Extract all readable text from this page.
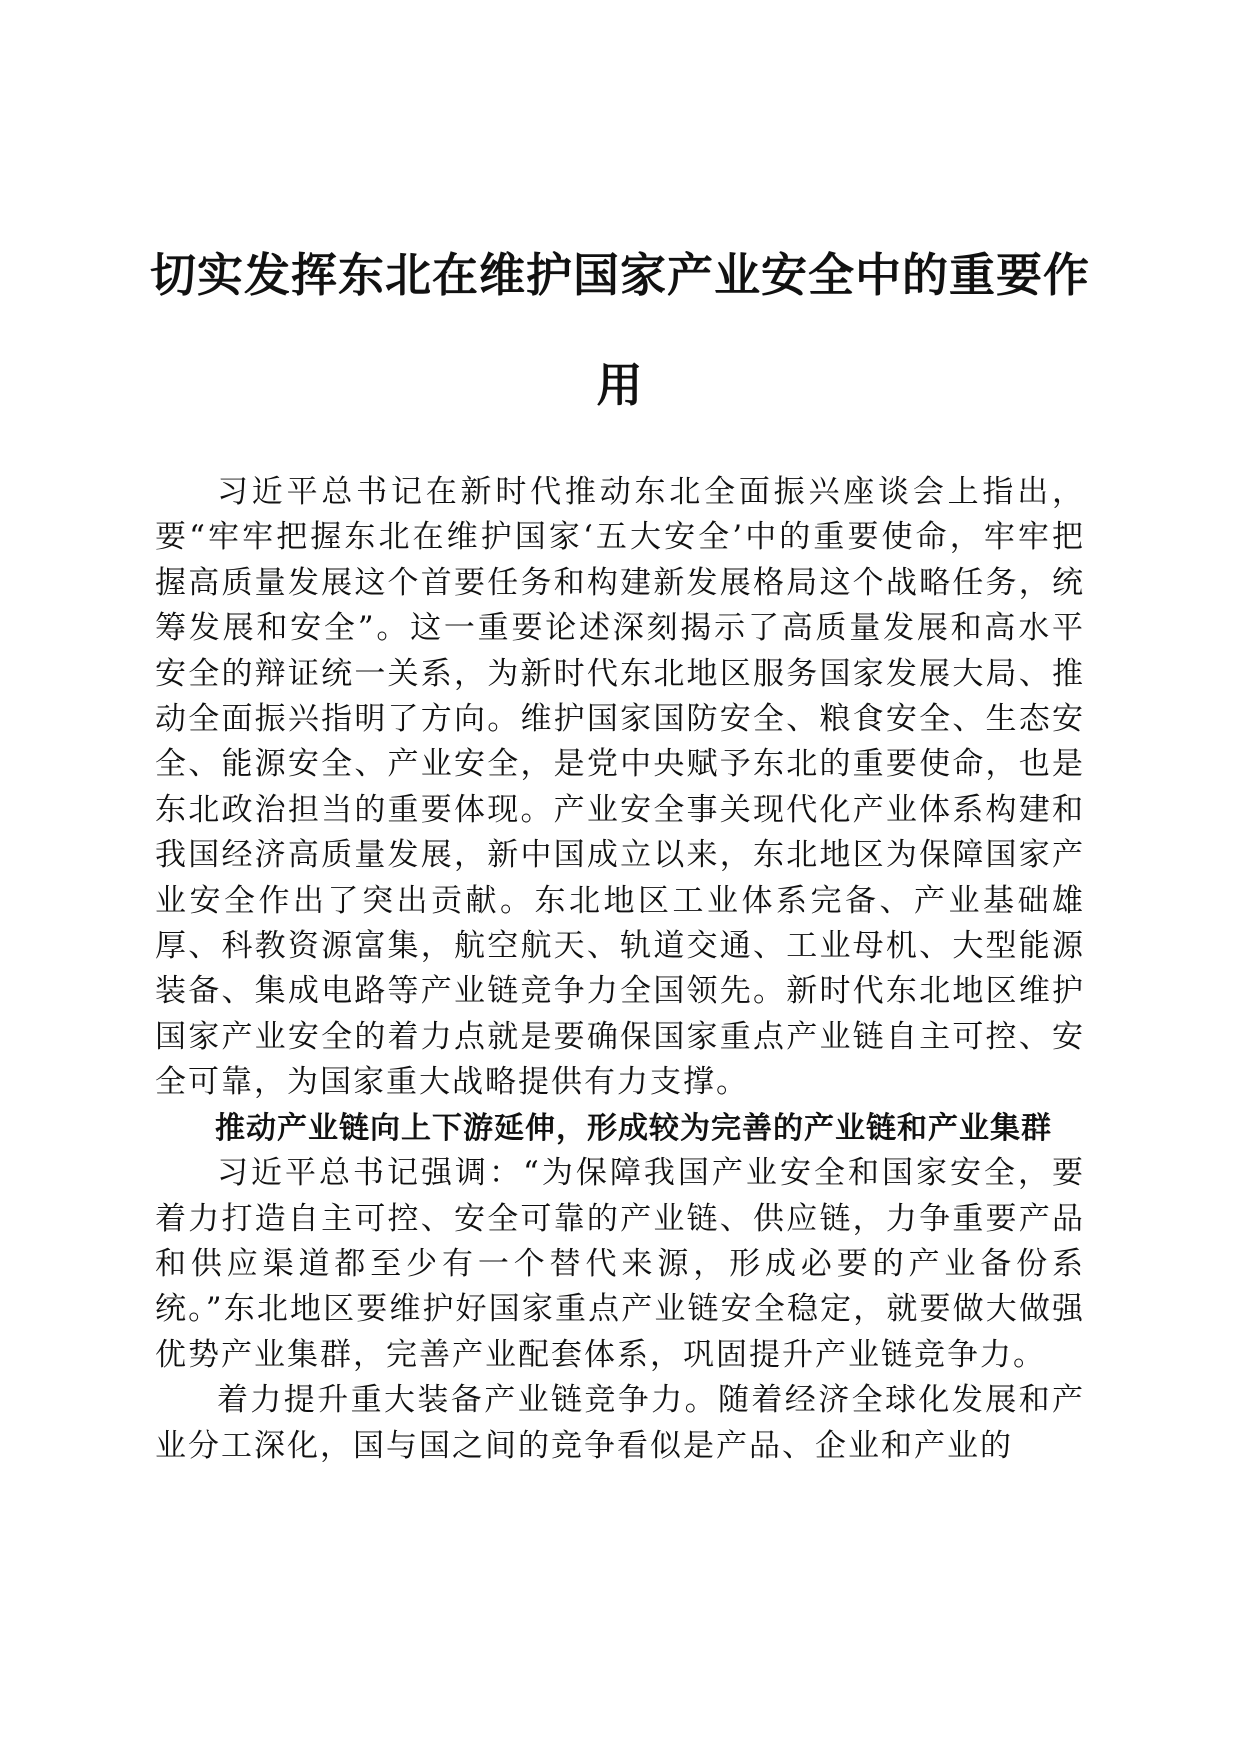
切实发挥东北在维护国家产业安全中的重要作用

习近平总书记在新时代推动东北全面振兴座谈会上指出，要“牢牢把握东北在维护国家‘五大安全’中的重要使命，牢牢把握高质量发展这个首要任务和构建新发展格局这个战略任务，统筹发展和安全”。这一重要论述深刻揭示了高质量发展和高水平安全的辩证统一关系，为新时代东北地区服务国家发展大局、推动全面振兴指明了方向。维护国家国防安全、粮食安全、生态安全、能源安全、产业安全，是党中央赋予东北的重要使命，也是东北政治担当的重要体现。产业安全事关现代化产业体系构建和我国经济高质量发展，新中国成立以来，东北地区为保障国家产业安全作出了突出贡献。东北地区工业体系完备、产业基础雄厚、科教资源富集，航空航天、轨道交通、工业母机、大型能源装备、集成电路等产业链竞争力全国领先。新时代东北地区维护国家产业安全的着力点就是要确保国家重点产业链自主可控、安全可靠，为国家重大战略提供有力支撑。

推动产业链向上下游延伸，形成较为完善的产业链和产业集群

习近平总书记强调：“为保障我国产业安全和国家安全，要着力打造自主可控、安全可靠的产业链、供应链，力争重要产品和供应渠道都至少有一个替代来源，形成必要的产业备份系统。”东北地区要维护好国家重点产业链安全稳定，就要做大做强优势产业集群，完善产业配套体系，巩固提升产业链竞争力。

着力提升重大装备产业链竞争力。随着经济全球化发展和产业分工深化，国与国之间的竞争看似是产品、企业和产业的
